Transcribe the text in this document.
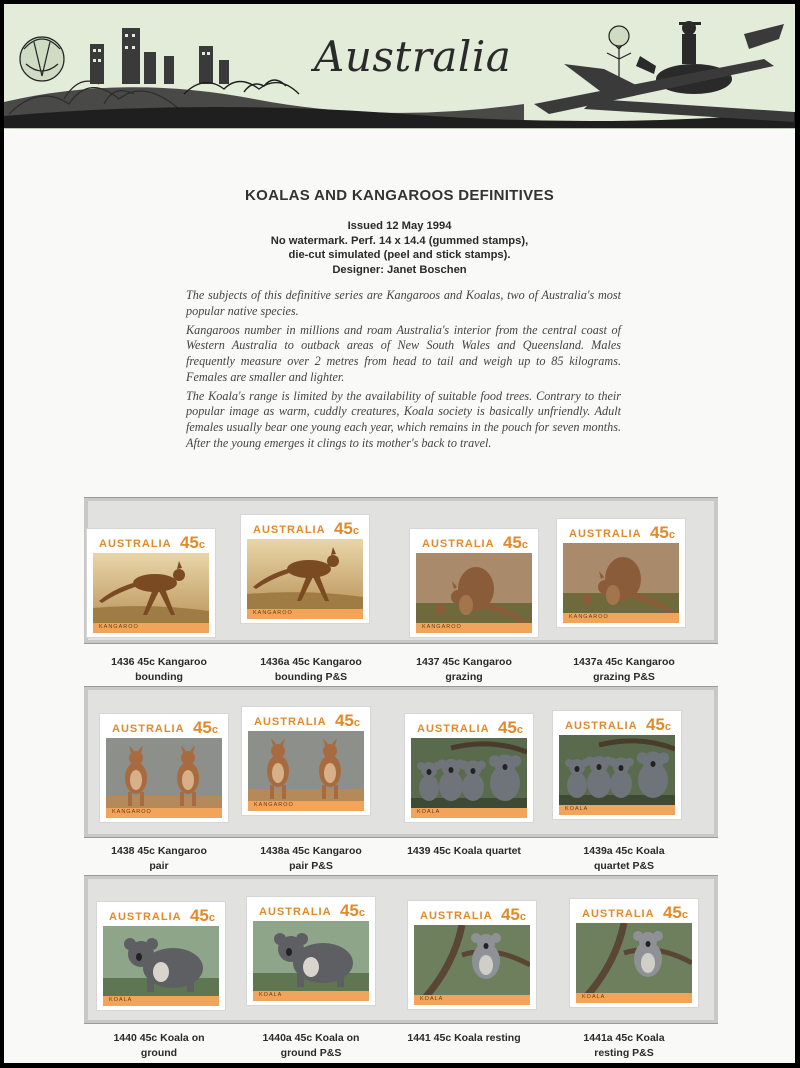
Australia
KOALAS AND KANGAROOS DEFINITIVES
Issued 12 May 1994
No watermark. Perf. 14 x 14.4 (gummed stamps),
die-cut simulated (peel and stick stamps).
Designer: Janet Boschen

The subjects of this definitive series are Kangaroos and Koalas, two of Australia's most popular native species.

Kangaroos number in millions and roam Australia's interior from the central coast of Western Australia to outback areas of New South Wales and Queensland. Males frequently measure over 2 metres from head to tail and weigh up to 85 kilograms. Females are smaller and lighter.

The Koala's range is limited by the availability of suitable food trees. Contrary to their popular image as warm, cuddly creatures, Koala society is basically unfriendly. Adult females usually bear one young each year, which remains in the pouch for seven months. After the young emerges it clings to its mother's back to travel.

AUSTRALIA 45c
KANGAROO
AUSTRALIA 45c
KANGAROO
AUSTRALIA 45c
KANGAROO
AUSTRALIA 45c
KANGAROO
AUSTRALIA 45c
KANGAROO
AUSTRALIA 45c
KANGAROO
AUSTRALIA 45c
KOALA
AUSTRALIA 45c
KOALA
AUSTRALIA 45c
KOALA
AUSTRALIA 45c
KOALA
AUSTRALIA 45c
KOALA
AUSTRALIA 45c
KOALA
1436 45c Kangaroo
bounding
1436a 45c Kangaroo
bounding P&S
1437 45c Kangaroo
grazing
1437a 45c Kangaroo
grazing P&S
1438 45c Kangaroo
pair
1438a 45c Kangaroo
pair P&S
1439 45c Koala quartet	1439a 45c Koala
quartet P&S
1440 45c Koala on
ground
1440a 45c Koala on
ground P&S
1441 45c Koala resting	1441a 45c Koala
resting P&S
